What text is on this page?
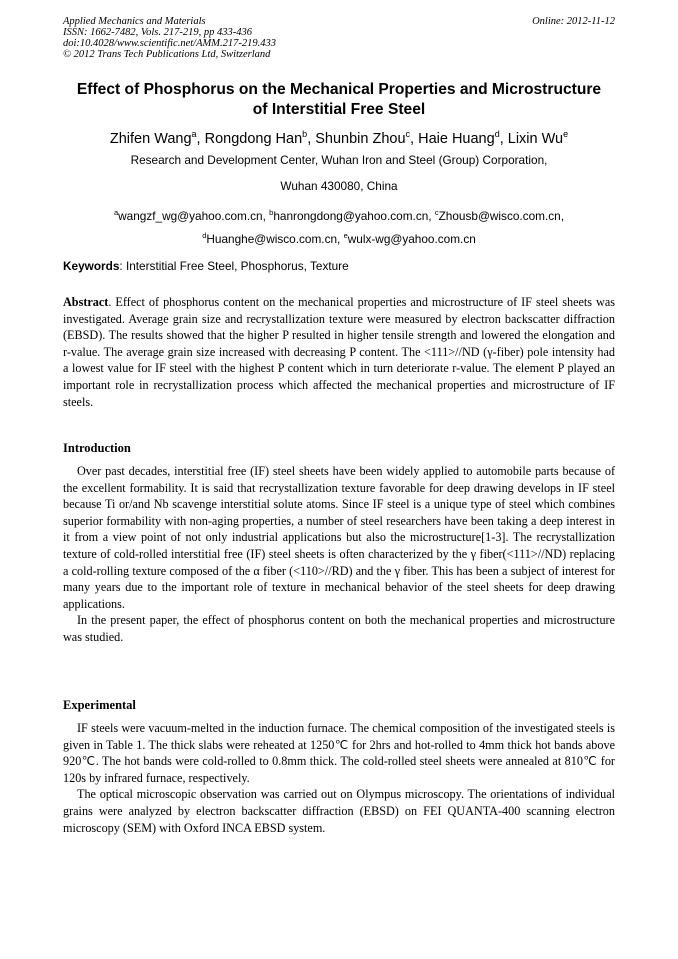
Applied Mechanics and Materials
ISSN: 1662-7482, Vols. 217-219, pp 433-436
doi:10.4028/www.scientific.net/AMM.217-219.433
© 2012 Trans Tech Publications Ltd, Switzerland
Online: 2012-11-12
Effect of Phosphorus on the Mechanical Properties and Microstructure
of Interstitial Free Steel
Zhifen Wang$^a$, Rongdong Han$^b$, Shunbin Zhou$^c$, Haie Huang$^d$, Lixin Wu$^e$
Research and Development Center, Wuhan Iron and Steel (Group) Corporation,
Wuhan 430080, China
$^a$wangzf_wg@yahoo.com.cn, $^b$hanrongdong@yahoo.com.cn, $^c$Zhousb@wisco.com.cn,
$^d$Huanghe@wisco.com.cn, $^e$wulx-wg@yahoo.com.cn
Keywords: Interstitial Free Steel, Phosphorus, Texture

Abstract. Effect of phosphorus content on the mechanical properties and microstructure of IF steel sheets was investigated. Average grain size and recrystallization texture were measured by electron backscatter diffraction (EBSD). The results showed that the higher P resulted in higher tensile strength and lowered the elongation and r-value. The average grain size increased with decreasing P content. The <111>//ND (γ-fiber) pole intensity had a lowest value for IF steel with the highest P content which in turn deteriorate r-value. The element P played an important role in recrystallization process which affected the mechanical properties and microstructure of IF steels.

Introduction

Over past decades, interstitial free (IF) steel sheets have been widely applied to automobile parts because of the excellent formability. It is said that recrystallization texture favorable for deep drawing develops in IF steel because Ti or/and Nb scavenge interstitial solute atoms. Since IF steel is a unique type of steel which combines superior formability with non-aging properties, a number of steel researchers have been taking a deep interest in it from a view point of not only industrial applications but also the microstructure[1-3]. The recrystallization texture of cold-rolled interstitial free (IF) steel sheets is often characterized by the γ fiber(<111>//ND) replacing a cold-rolling texture composed of the α fiber (<110>//RD) and the γ fiber. This has been a subject of interest for many years due to the important role of texture in mechanical behavior of the steel sheets for deep drawing applications.

In the present paper, the effect of phosphorus content on both the mechanical properties and microstructure was studied.

Experimental

IF steels were vacuum-melted in the induction furnace. The chemical composition of the investigated steels is given in Table 1. The thick slabs were reheated at 1250℃ for 2hrs and hot-rolled to 4mm thick hot bands above 920℃. The hot bands were cold-rolled to 0.8mm thick. The cold-rolled steel sheets were annealed at 810℃ for 120s by infrared furnace, respectively.

The optical microscopic observation was carried out on Olympus microscopy. The orientations of individual grains were analyzed by electron backscatter diffraction (EBSD) on FEI QUANTA-400 scanning electron microscopy (SEM) with Oxford INCA EBSD system.
